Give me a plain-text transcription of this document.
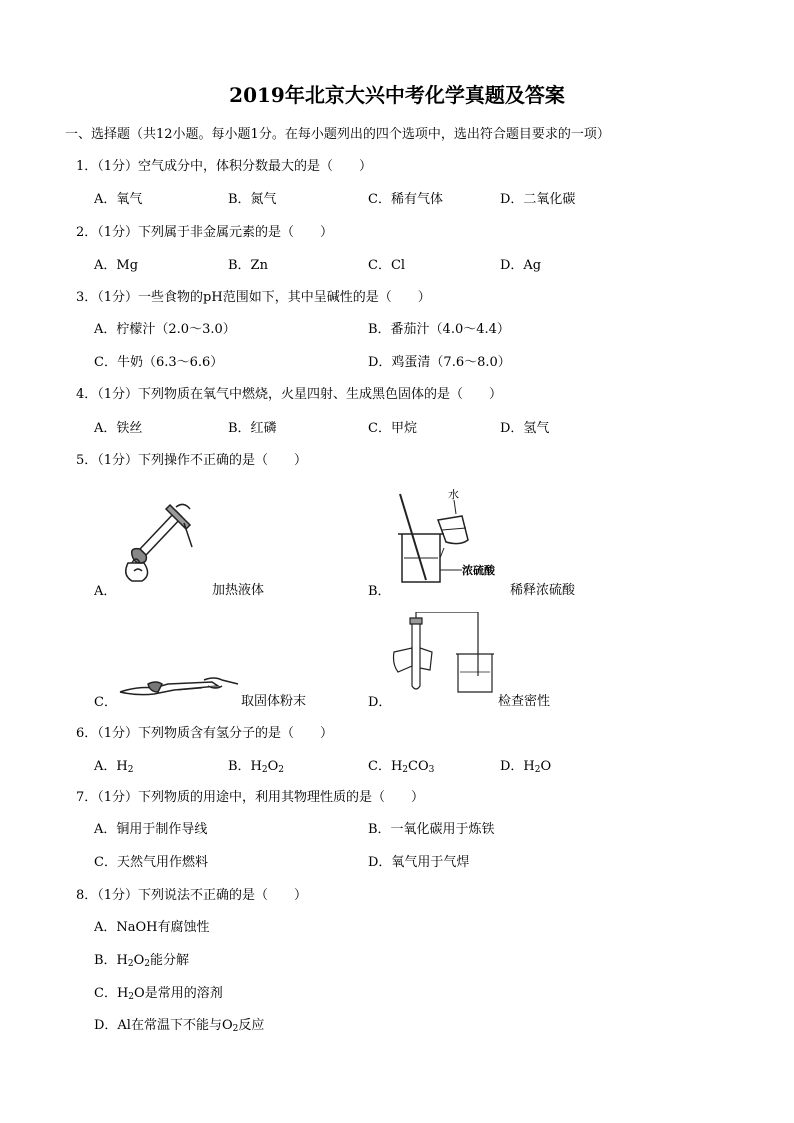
2019年北京大兴中考化学真题及答案
一、选择题（共12小题。每小题1分。在每小题列出的四个选项中，选出符合题目要求的一项）
1．（1分）空气成分中，体积分数最大的是（　　）
A．氧气	B．氮气	C．稀有气体	D．二氧化碳
2．（1分）下列属于非金属元素的是（　　）
A．Mg	B．Zn	C．Cl	D．Ag
3．（1分）一些食物的pH范围如下，其中呈碱性的是（　　）
A．柠檬汁（2.0～3.0）	B．番茄汁（4.0～4.4）
C．牛奶（6.3～6.6）	D．鸡蛋清（7.6～8.0）
4．（1分）下列物质在氧气中燃烧，火星四射、生成黑色固体的是（　　）
A．铁丝	B．红磷	C．甲烷	D．氢气
5．（1分）下列操作不正确的是（　　）
A．	加热液体
水
浓硫酸
B．	稀释浓硫酸
C．	取固体粉末	D．	检查密性
6．（1分）下列物质含有氢分子的是（　　）
A．$H_2$	B．$H_2O_2$	C．$H_2CO_3$	D．$H_2O$
7．（1分）下列物质的用途中，利用其物理性质的是（　　）
A．铜用于制作导线	B．一氧化碳用于炼铁
C．天然气用作燃料	D．氧气用于气焊
8．（1分）下列说法不正确的是（　　）
A．NaOH有腐蚀性
B．$H_2O_2$能分解
C．$H_2O$是常用的溶剂
D．Al在常温下不能与$O_2$反应
